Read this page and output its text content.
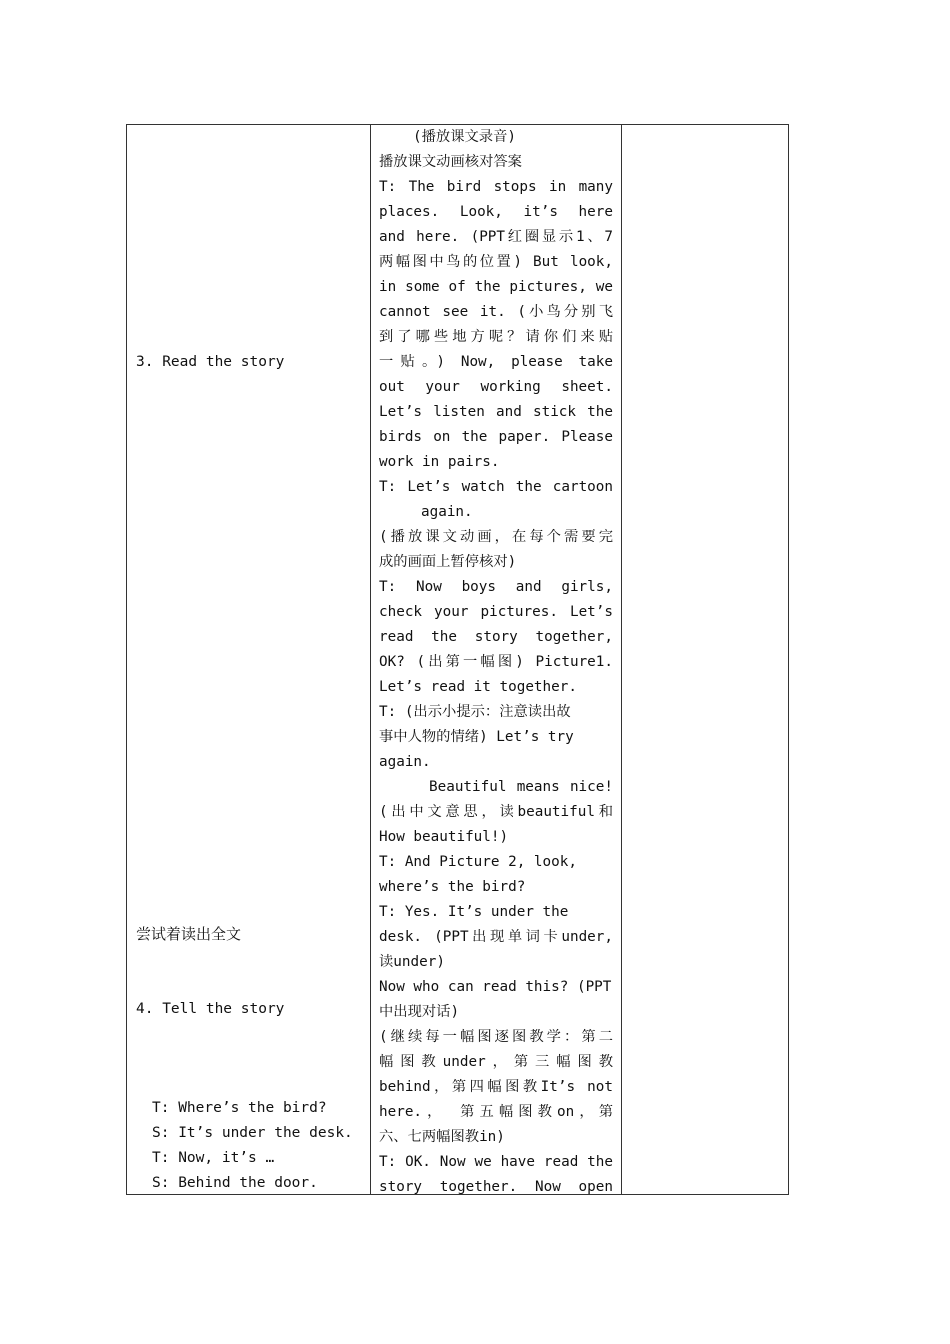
3. Read the story
尝试着读出全文
4. Tell the story
T: Where’s the bird?
S: It’s under the desk.
T: Now, it’s …
S: Behind the door.
(播放课文录音)
播放课文动画核对答案
T: The bird stops in many
places. Look, it’s here
and here. (PPT红圈显示1、7
两幅图中鸟的位置) But look,
in some of the pictures, we
cannot see it. (小鸟分别飞
到了哪些地方呢？请你们来贴
一贴。) Now, please take
out your working sheet.
Let’s listen and stick the
birds on the paper. Please
work in pairs.
T: Let’s watch the cartoon
again.
(播放课文动画，在每个需要完
成的画面上暂停核对)
T: Now boys and girls,
check your pictures. Let’s
read the story together,
OK? (出第一幅图) Picture1.
Let’s read it together.
T: (出示小提示：注意读出故
事中人物的情绪) Let’s try
again.
Beautiful means nice!
(出中文意思，读beautiful和
How beautiful!)
T: And Picture 2, look,
where’s the bird?
T: Yes. It’s under the
desk. (PPT出现单词卡under,
读under)
Now who can read this? (PPT
中出现对话)
(继续每一幅图逐图教学：第二
幅图教under，第三幅图教
behind，第四幅图教It’s not
here.， 第五幅图教on，第
六、七两幅图教in)
T: OK. Now we have read the
story together. Now open
